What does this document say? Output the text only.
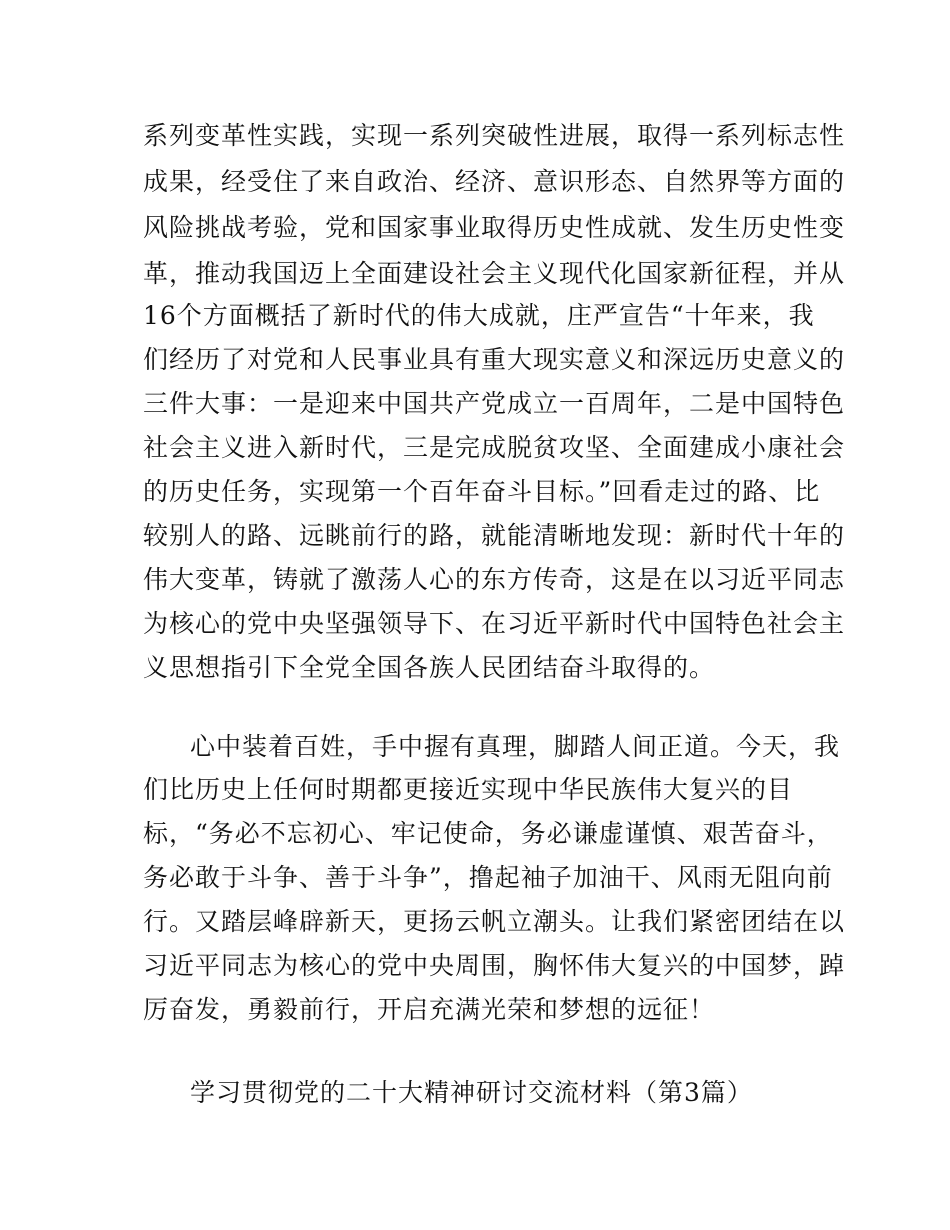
系列变革性实践，实现一系列突破性进展，取得一系列标志性
成果，经受住了来自政治、经济、意识形态、自然界等方面的
风险挑战考验，党和国家事业取得历史性成就、发生历史性变
革，推动我国迈上全面建设社会主义现代化国家新征程，并从
16个方面概括了新时代的伟大成就，庄严宣告“十年来，我
们经历了对党和人民事业具有重大现实意义和深远历史意义的
三件大事：一是迎来中国共产党成立一百周年，二是中国特色
社会主义进入新时代，三是完成脱贫攻坚、全面建成小康社会
的历史任务，实现第一个百年奋斗目标。”回看走过的路、比
较别人的路、远眺前行的路，就能清晰地发现：新时代十年的
伟大变革，铸就了激荡人心的东方传奇，这是在以习近平同志
为核心的党中央坚强领导下、在习近平新时代中国特色社会主
义思想指引下全党全国各族人民团结奋斗取得的。
心中装着百姓，手中握有真理，脚踏人间正道。今天，我
们比历史上任何时期都更接近实现中华民族伟大复兴的目
标，“务必不忘初心、牢记使命，务必谦虚谨慎、艰苦奋斗，
务必敢于斗争、善于斗争”，撸起袖子加油干、风雨无阻向前
行。又踏层峰辟新天，更扬云帆立潮头。让我们紧密团结在以
习近平同志为核心的党中央周围，胸怀伟大复兴的中国梦，踔
厉奋发，勇毅前行，开启充满光荣和梦想的远征！
学习贯彻党的二十大精神研讨交流材料（第3篇）
